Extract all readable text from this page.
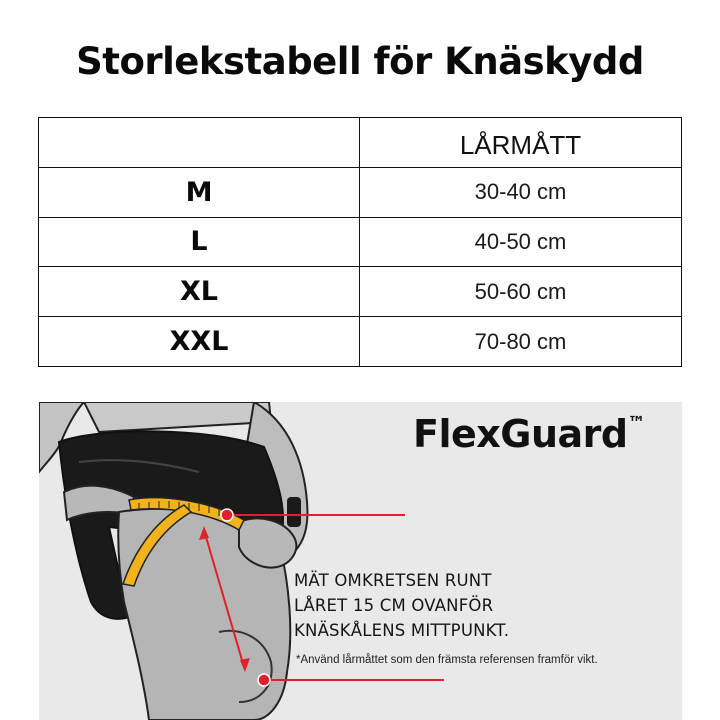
Storlekstabell för Knäskydd
	LÅRMÅTT
M	30-40 cm
L	40-50 cm
XL	50-60 cm
XXL	70-80 cm
FlexGuard™
MÄT OMKRETSEN RUNT
LÅRET 15 CM OVANFÖR
KNÄSKÅLENS MITTPUNKT.
*Använd lårmåttet som den främsta referensen framför vikt.
